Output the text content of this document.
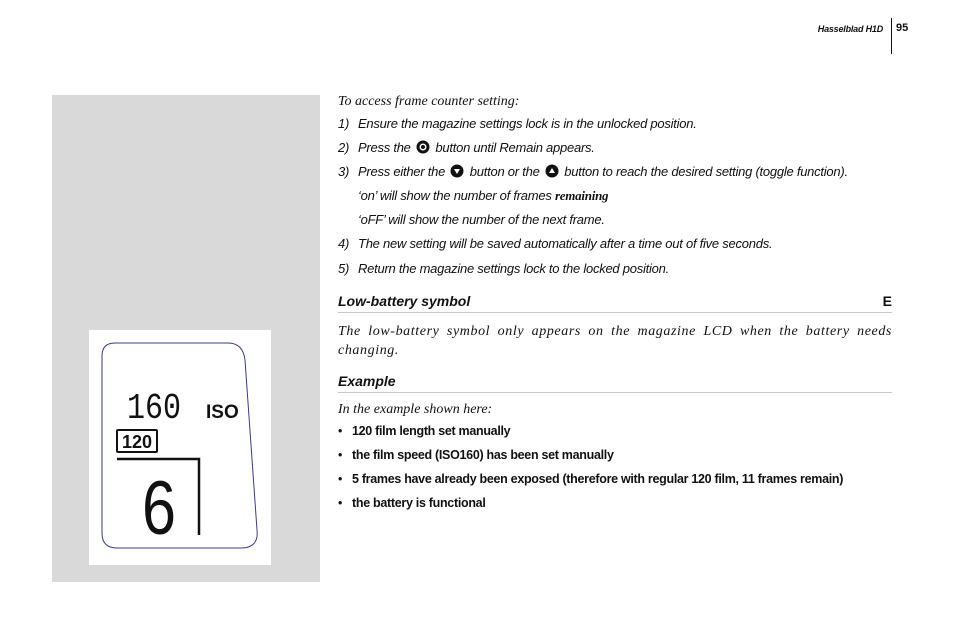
Hasselblad H1D 95
160 ISO
120
6
To access frame counter setting:
1) Ensure the magazine settings lock is in the unlocked position.
2) Press the button until Remain appears.
3) Press either the button or the button to reach the desired setting (toggle function).
‘on’ will show the number of frames remaining
‘oFF’ will show the number of the next frame.
4) The new setting will be saved automatically after a time out of five seconds.
5) Return the magazine settings lock to the locked position.
Low-battery symbol	E
The low-battery symbol only appears on the magazine LCD when the battery needs changing.
Example
In the example shown here:
• 120 film length set manually
• the film speed (ISO160) has been set manually
• 5 frames have already been exposed (therefore with regular 120 film, 11 frames remain)
• the battery is functional
